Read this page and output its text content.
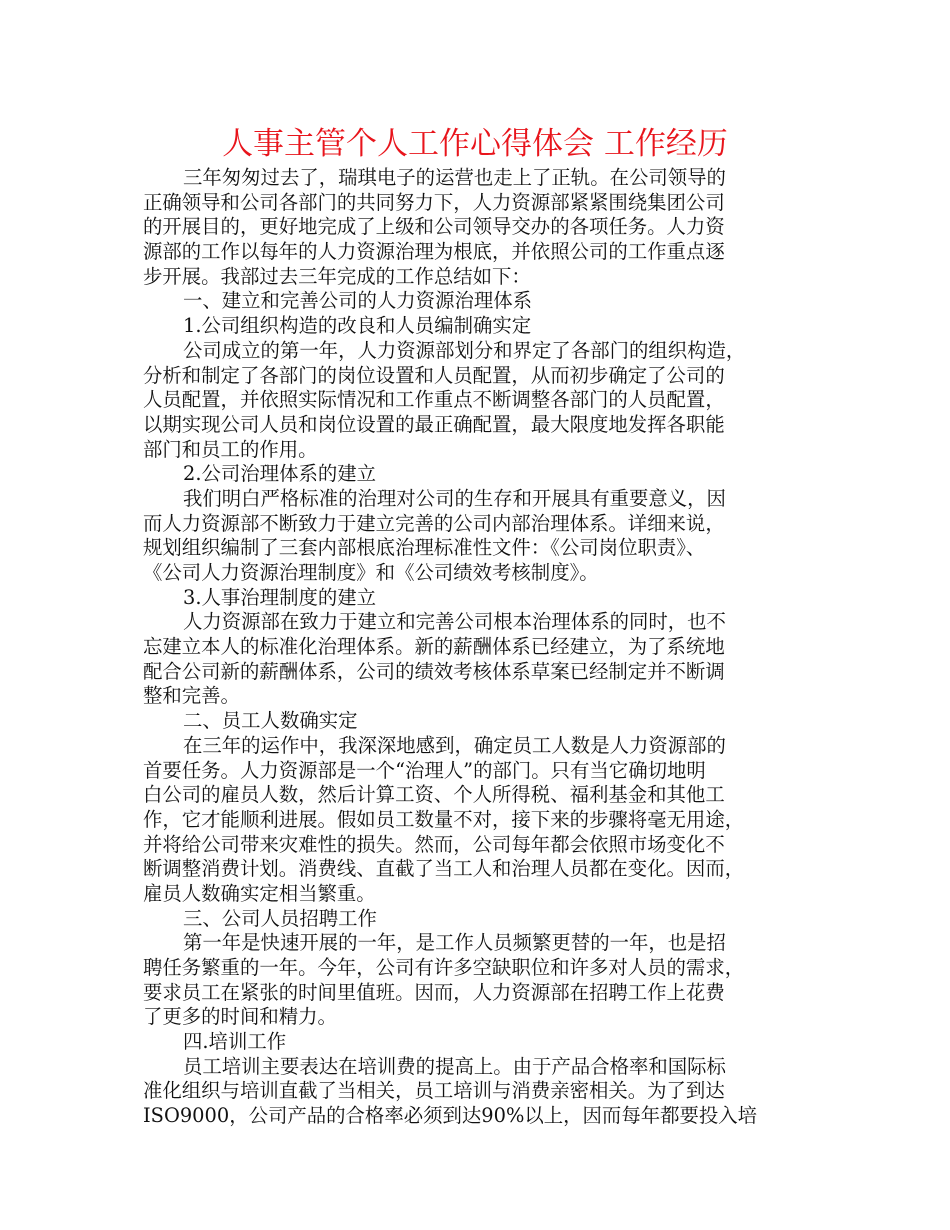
人事主管个人工作心得体会 工作经历
三年匆匆过去了，瑞琪电子的运营也走上了正轨。在公司领导的
正确领导和公司各部门的共同努力下，人力资源部紧紧围绕集团公司
的开展目的，更好地完成了上级和公司领导交办的各项任务。人力资
源部的工作以每年的人力资源治理为根底，并依照公司的工作重点逐
步开展。我部过去三年完成的工作总结如下：
一、建立和完善公司的人力资源治理体系
1.公司组织构造的改良和人员编制确实定
公司成立的第一年，人力资源部划分和界定了各部门的组织构造，
分析和制定了各部门的岗位设置和人员配置，从而初步确定了公司的
人员配置，并依照实际情况和工作重点不断调整各部门的人员配置，
以期实现公司人员和岗位设置的最正确配置，最大限度地发挥各职能
部门和员工的作用。
2.公司治理体系的建立
我们明白严格标准的治理对公司的生存和开展具有重要意义，因
而人力资源部不断致力于建立完善的公司内部治理体系。详细来说，
规划组织编制了三套内部根底治理标准性文件：《公司岗位职责》、
《公司人力资源治理制度》和《公司绩效考核制度》。
3.人事治理制度的建立
人力资源部在致力于建立和完善公司根本治理体系的同时，也不
忘建立本人的标准化治理体系。新的薪酬体系已经建立，为了系统地
配合公司新的薪酬体系，公司的绩效考核体系草案已经制定并不断调
整和完善。
二、员工人数确实定
在三年的运作中，我深深地感到，确定员工人数是人力资源部的
首要任务。人力资源部是一个“治理人”的部门。只有当它确切地明
白公司的雇员人数，然后计算工资、个人所得税、福利基金和其他工
作，它才能顺利进展。假如员工数量不对，接下来的步骤将毫无用途，
并将给公司带来灾难性的损失。然而，公司每年都会依照市场变化不
断调整消费计划。消费线、直截了当工人和治理人员都在变化。因而，
雇员人数确实定相当繁重。
三、公司人员招聘工作
第一年是快速开展的一年，是工作人员频繁更替的一年，也是招
聘任务繁重的一年。今年，公司有许多空缺职位和许多对人员的需求，
要求员工在紧张的时间里值班。因而，人力资源部在招聘工作上花费
了更多的时间和精力。
四.培训工作
员工培训主要表达在培训费的提高上。由于产品合格率和国际标
准化组织与培训直截了当相关，员工培训与消费亲密相关。为了到达
ISO9000，公司产品的合格率必须到达90%以上，因而每年都要投入培
